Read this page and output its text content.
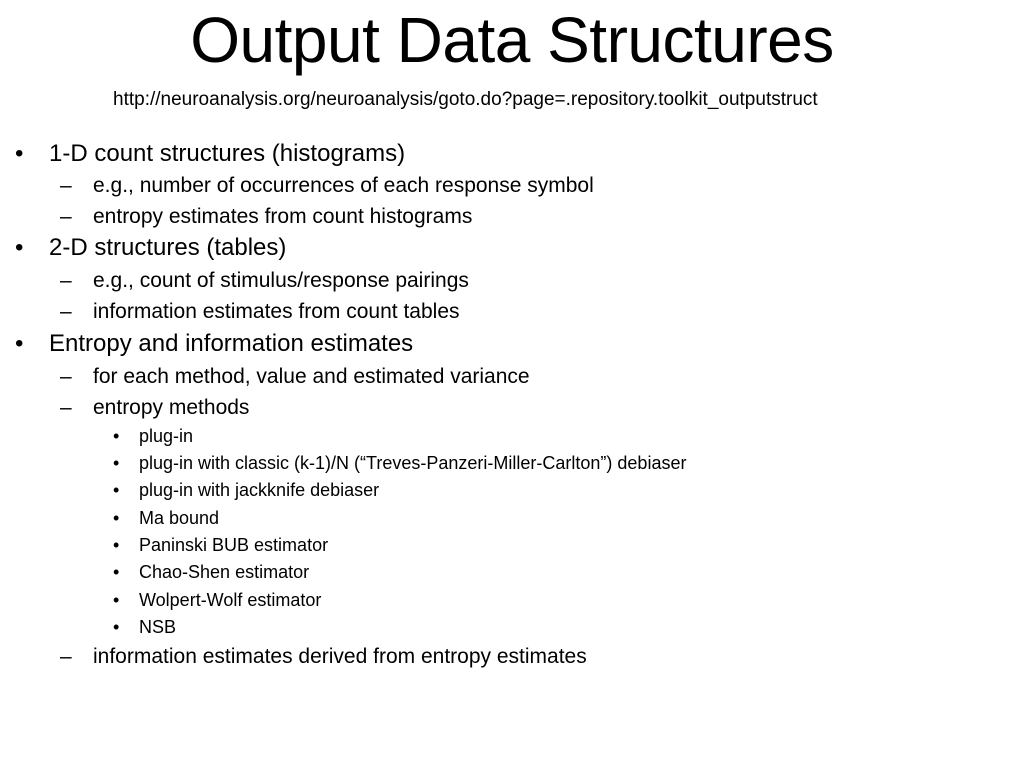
Output Data Structures
http://neuroanalysis.org/neuroanalysis/goto.do?page=.repository.toolkit_outputstruct
• 1-D count structures (histograms)
– e.g., number of occurrences of each response symbol
– entropy estimates from count histograms
• 2-D structures (tables)
– e.g., count of stimulus/response pairings
– information estimates from count tables
• Entropy and information estimates
– for each method, value and estimated variance
– entropy methods
• plug-in
• plug-in with classic (k-1)/N (“Treves-Panzeri-Miller-Carlton”) debiaser
• plug-in with jackknife debiaser
• Ma bound
• Paninski BUB estimator
• Chao-Shen estimator
• Wolpert-Wolf estimator
• NSB
– information estimates derived from entropy estimates
